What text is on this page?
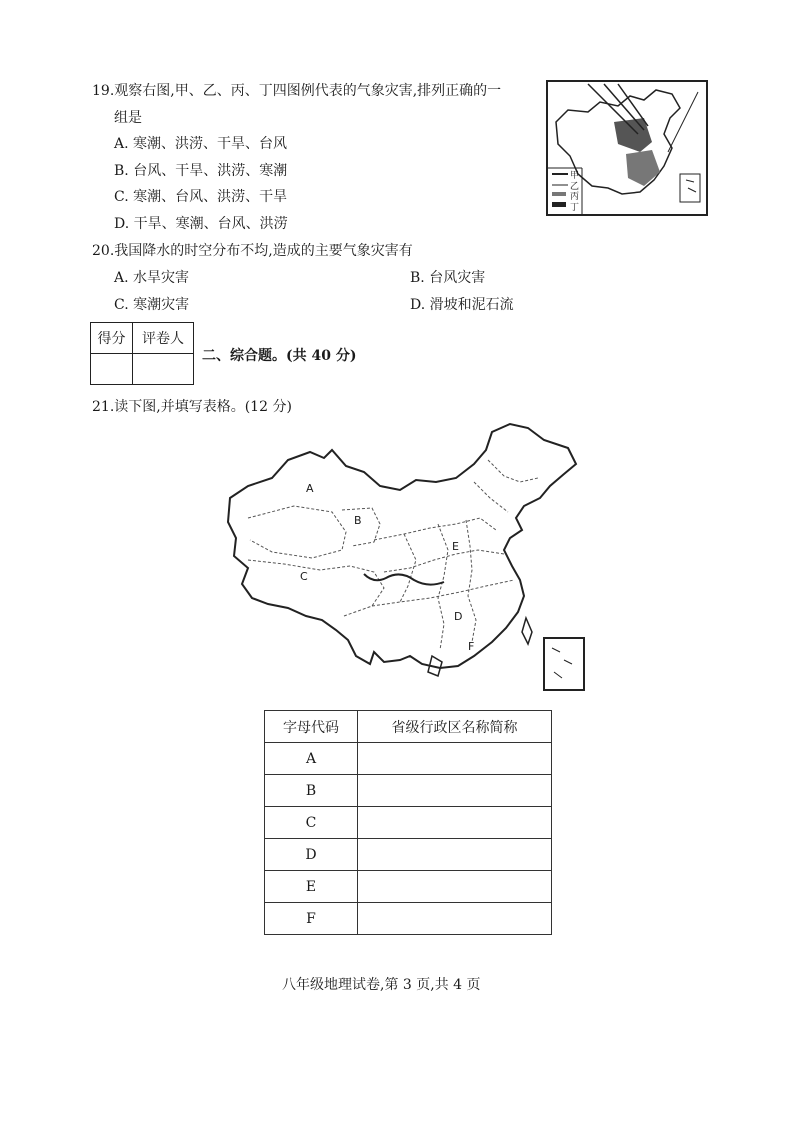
19.观察右图,甲、乙、丙、丁四图例代表的气象灾害,排列正确的一
组是
A. 寒潮、洪涝、干旱、台风
B. 台风、干旱、洪涝、寒潮
C. 寒潮、台风、洪涝、干旱
D. 干旱、寒潮、台风、洪涝
甲
乙
丙
丁
20.我国降水的时空分布不均,造成的主要气象灾害有
A. 水旱灾害	B. 台风灾害
C. 寒潮灾害	D. 滑坡和泥石流
得分	评卷人

二、综合题。(共 40 分)
21.读下图,并填写表格。(12 分)
A
B
C
D
E
F
字母代码	省级行政区名称简称
A	
B	
C	
D	
E	
F	
八年级地理试卷,第 3 页,共 4 页
